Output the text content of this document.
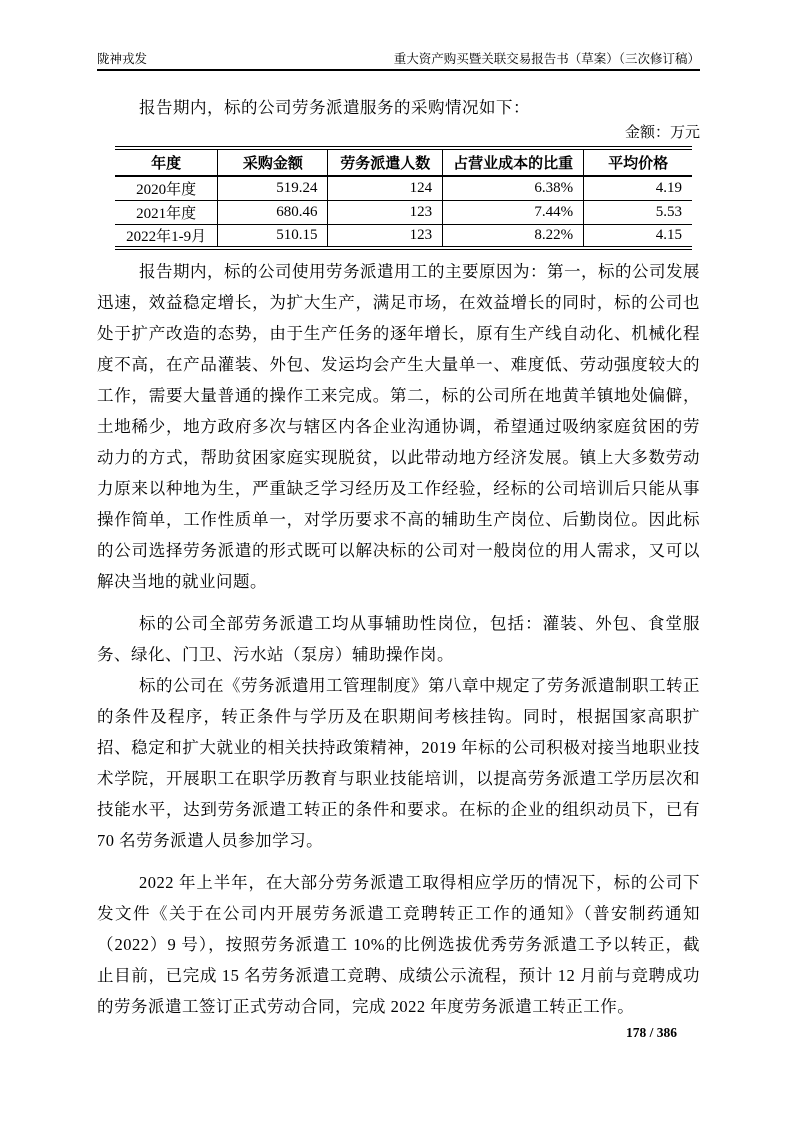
陇神戎发	重大资产购买暨关联交易报告书（草案）（三次修订稿）

报告期内，标的公司劳务派遣服务的采购情况如下：

金额：万元
年度	采购金额	劳务派遣人数	占营业成本的比重	平均价格
2020年度	519.24	124	6.38%	4.19
2021年度	680.46	123	7.44%	5.53
2022年1-9月	510.15	123	8.22%	4.15

报告期内，标的公司使用劳务派遣用工的主要原因为：第一，标的公司发展迅速，效益稳定增长，为扩大生产，满足市场，在效益增长的同时，标的公司也处于扩产改造的态势，由于生产任务的逐年增长，原有生产线自动化、机械化程度不高，在产品灌装、外包、发运均会产生大量单一、难度低、劳动强度较大的工作，需要大量普通的操作工来完成。第二，标的公司所在地黄羊镇地处偏僻，土地稀少，地方政府多次与辖区内各企业沟通协调，希望通过吸纳家庭贫困的劳动力的方式，帮助贫困家庭实现脱贫，以此带动地方经济发展。镇上大多数劳动力原来以种地为生，严重缺乏学习经历及工作经验，经标的公司培训后只能从事操作简单，工作性质单一，对学历要求不高的辅助生产岗位、后勤岗位。因此标的公司选择劳务派遣的形式既可以解决标的公司对一般岗位的用人需求，又可以解决当地的就业问题。

标的公司全部劳务派遣工均从事辅助性岗位，包括：灌装、外包、食堂服务、绿化、门卫、污水站（泵房）辅助操作岗。

标的公司在《劳务派遣用工管理制度》第八章中规定了劳务派遣制职工转正的条件及程序，转正条件与学历及在职期间考核挂钩。同时，根据国家高职扩招、稳定和扩大就业的相关扶持政策精神，2019 年标的公司积极对接当地职业技术学院，开展职工在职学历教育与职业技能培训，以提高劳务派遣工学历层次和技能水平，达到劳务派遣工转正的条件和要求。在标的企业的组织动员下，已有 70 名劳务派遣人员参加学习。

2022 年上半年，在大部分劳务派遣工取得相应学历的情况下，标的公司下发文件《关于在公司内开展劳务派遣工竞聘转正工作的通知》（普安制药通知（2022）9 号），按照劳务派遣工 10%的比例选拔优秀劳务派遣工予以转正，截止目前，已完成 15 名劳务派遣工竞聘、成绩公示流程，预计 12 月前与竞聘成功的劳务派遣工签订正式劳动合同，完成 2022 年度劳务派遣工转正工作。

178 / 386
